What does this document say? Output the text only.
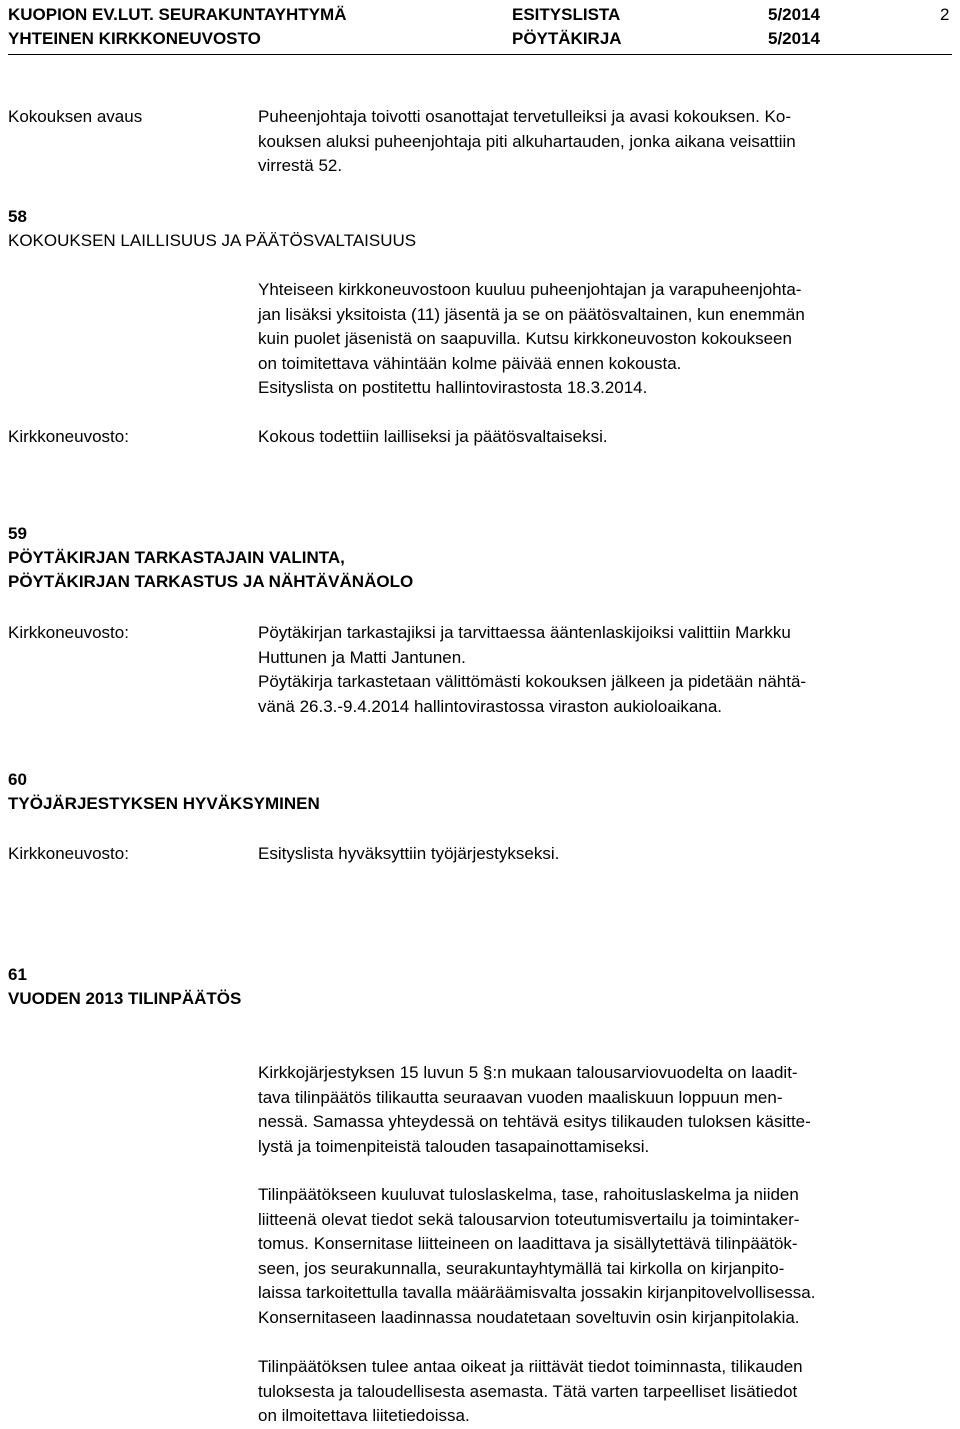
KUOPION EV.LUT. SEURAKUNTAYHTYMÄ
YHTEINEN KIRKKONEUVOSTO
ESITYSLISTA
PÖYTÄKIRJA
5/2014
5/2014
2
Kokouksen avaus	Puheenjohtaja toivotti osanottajat tervetulleiksi ja avasi kokouksen. Ko-

kouksen aluksi puheenjohtaja piti alkuhartauden, jonka aikana veisattiin

virrestä 52.

58
KOKOUKSEN LAILLISUUS JA PÄÄTÖSVALTAISUUS

Yhteiseen kirkkoneuvostoon kuuluu puheenjohtajan ja varapuheenjohta-

jan lisäksi yksitoista (11) jäsentä ja se on päätösvaltainen, kun enemmän

kuin puolet jäsenistä on saapuvilla. Kutsu kirkkoneuvoston kokoukseen

on toimitettava vähintään kolme päivää ennen kokousta.

Esityslista on postitettu hallintovirastosta 18.3.2014.

Kirkkoneuvosto:	Kokous todettiin lailliseksi ja päätösvaltaiseksi.
59
PÖYTÄKIRJAN TARKASTAJAIN VALINTA,
PÖYTÄKIRJAN TARKASTUS JA NÄHTÄVÄNÄOLO
Kirkkoneuvosto:	Pöytäkirjan tarkastajiksi ja tarvittaessa ääntenlaskijoiksi valittiin Markku

Huttunen ja Matti Jantunen.

Pöytäkirja tarkastetaan välittömästi kokouksen jälkeen ja pidetään nähtä-

vänä 26.3.-9.4.2014 hallintovirastossa viraston aukioloaikana.

60
TYÖJÄRJESTYKSEN HYVÄKSYMINEN
Kirkkoneuvosto:	Esityslista hyväksyttiin työjärjestykseksi.
61
VUODEN 2013 TILINPÄÄTÖS

Kirkkojärjestyksen 15 luvun 5 §:n mukaan talousarviovuodelta on laadit-

tava tilinpäätös tilikautta seuraavan vuoden maaliskuun loppuun men-

nessä. Samassa yhteydessä on tehtävä esitys tilikauden tuloksen käsitte-

lystä ja toimenpiteistä talouden tasapainottamiseksi.

Tilinpäätökseen kuuluvat tuloslaskelma, tase, rahoituslaskelma ja niiden

liitteenä olevat tiedot sekä talousarvion toteutumisvertailu ja toimintaker-

tomus. Konsernitase liitteineen on laadittava ja sisällytettävä tilinpäätök-

seen, jos seurakunnalla, seurakuntayhtymällä tai kirkolla on kirjanpito-

laissa tarkoitettulla tavalla määräämisvalta jossakin kirjanpitovelvollisessa.

Konsernitaseen laadinnassa noudatetaan soveltuvin osin kirjanpitolakia.

Tilinpäätöksen tulee antaa oikeat ja riittävät tiedot toiminnasta, tilikauden

tuloksesta ja taloudellisesta asemasta. Tätä varten tarpeelliset lisätiedot

on ilmoitettava liitetiedoissa.
